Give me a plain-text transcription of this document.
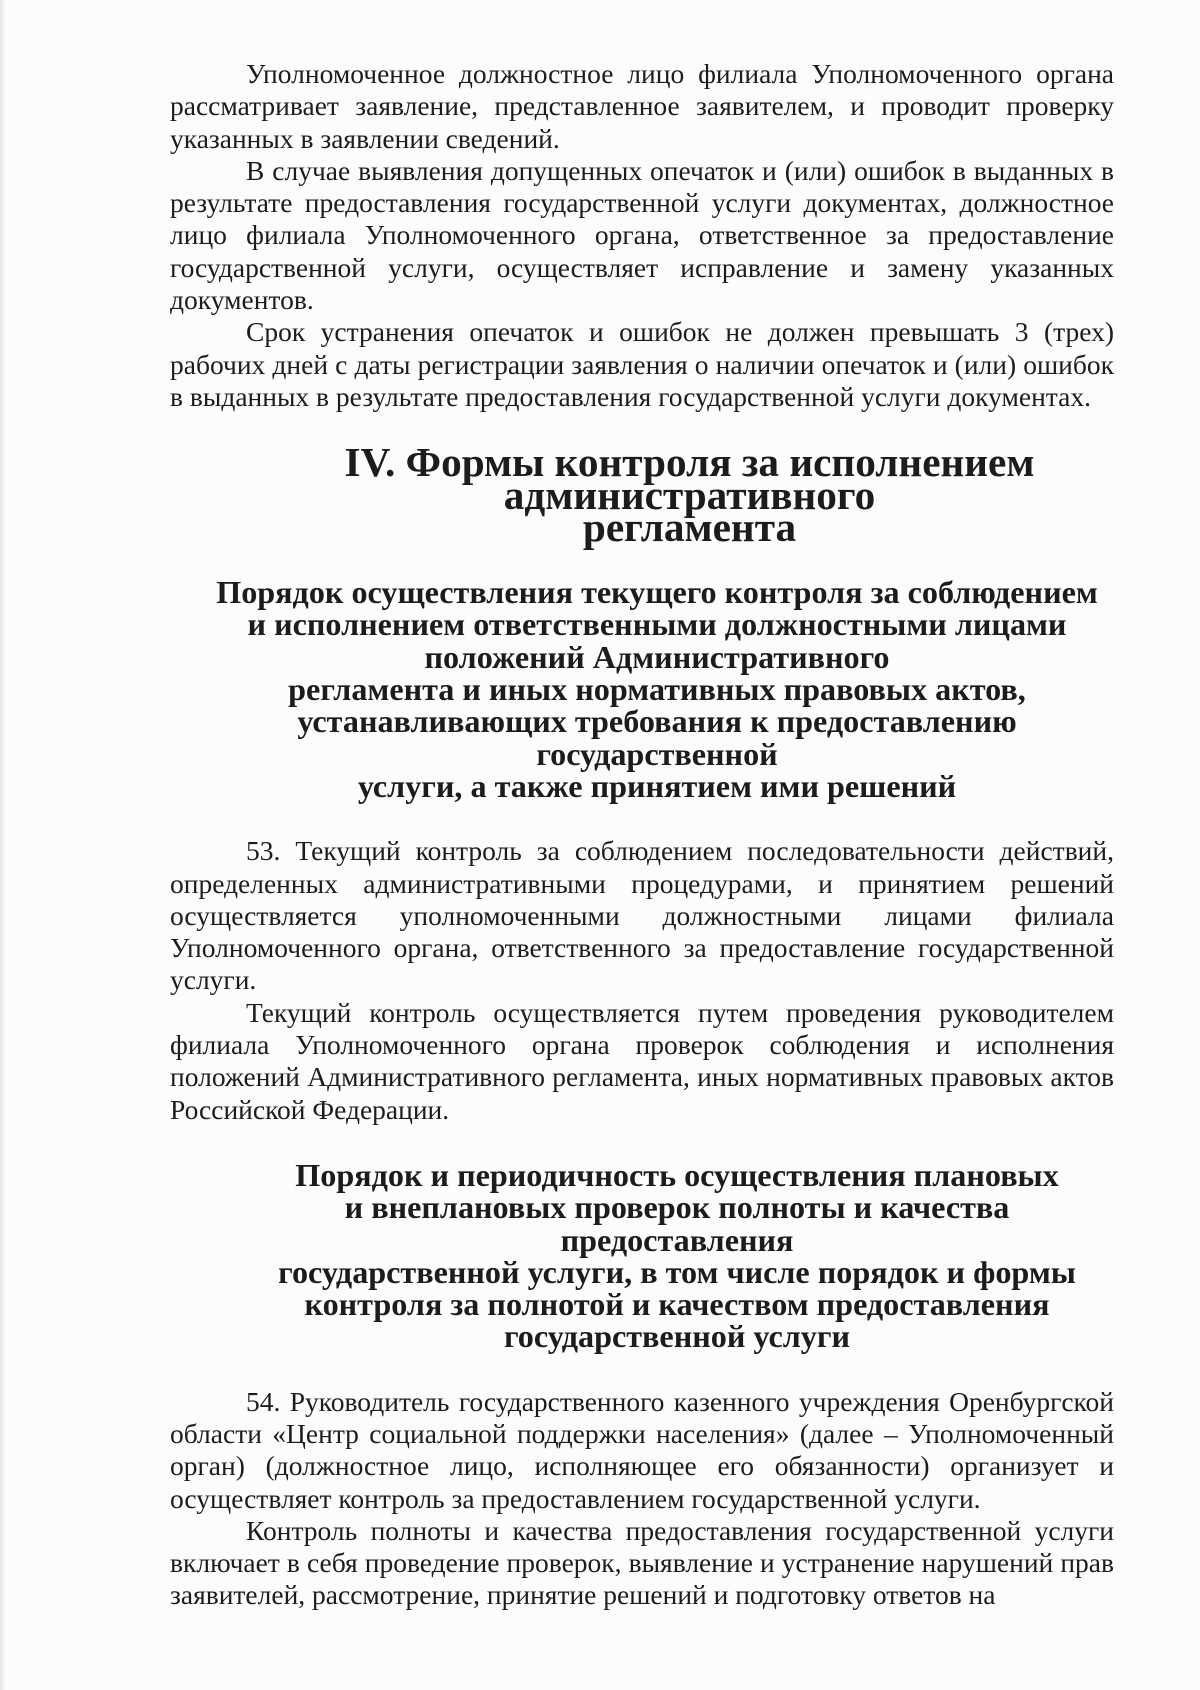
Уполномоченное должностное лицо филиала Уполномоченного органа рассматривает заявление, представленное заявителем, и проводит проверку указанных в заявлении сведений.

В случае выявления допущенных опечаток и (или) ошибок в выданных в результате предоставления государственной услуги документах, должностное лицо филиала Уполномоченного органа, ответственное за предоставление государственной услуги, осуществляет исправление и замену указанных документов.

Срок устранения опечаток и ошибок не должен превышать 3 (трех) рабочих дней с даты регистрации заявления о наличии опечаток и (или) ошибок в выданных в результате предоставления государственной услуги документах.

IV. Формы контроля за исполнением административного
регламента
Порядок осуществления текущего контроля за соблюдением
и исполнением ответственными должностными лицами
положений Административного
регламента и иных нормативных правовых актов,
устанавливающих требования к предоставлению государственной
услуги, а также принятием ими решений

53. Текущий контроль за соблюдением последовательности действий, определенных административными процедурами, и принятием решений осуществляется уполномоченными должностными лицами филиала Уполномоченного органа, ответственного за предоставление государственной услуги.

Текущий контроль осуществляется путем проведения руководителем филиала Уполномоченного органа проверок соблюдения и исполнения положений Административного регламента, иных нормативных правовых актов Российской Федерации.

Порядок и периодичность осуществления плановых
и внеплановых проверок полноты и качества предоставления
государственной услуги, в том числе порядок и формы
контроля за полнотой и качеством предоставления
государственной услуги

54. Руководитель государственного казенного учреждения Оренбургской области «Центр социальной поддержки населения» (далее – Уполномоченный орган) (должностное лицо, исполняющее его обязанности) организует и осуществляет контроль за предоставлением государственной услуги.

Контроль полноты и качества предоставления государственной услуги включает в себя проведение проверок, выявление и устранение нарушений прав заявителей, рассмотрение, принятие решений и подготовку ответов на
